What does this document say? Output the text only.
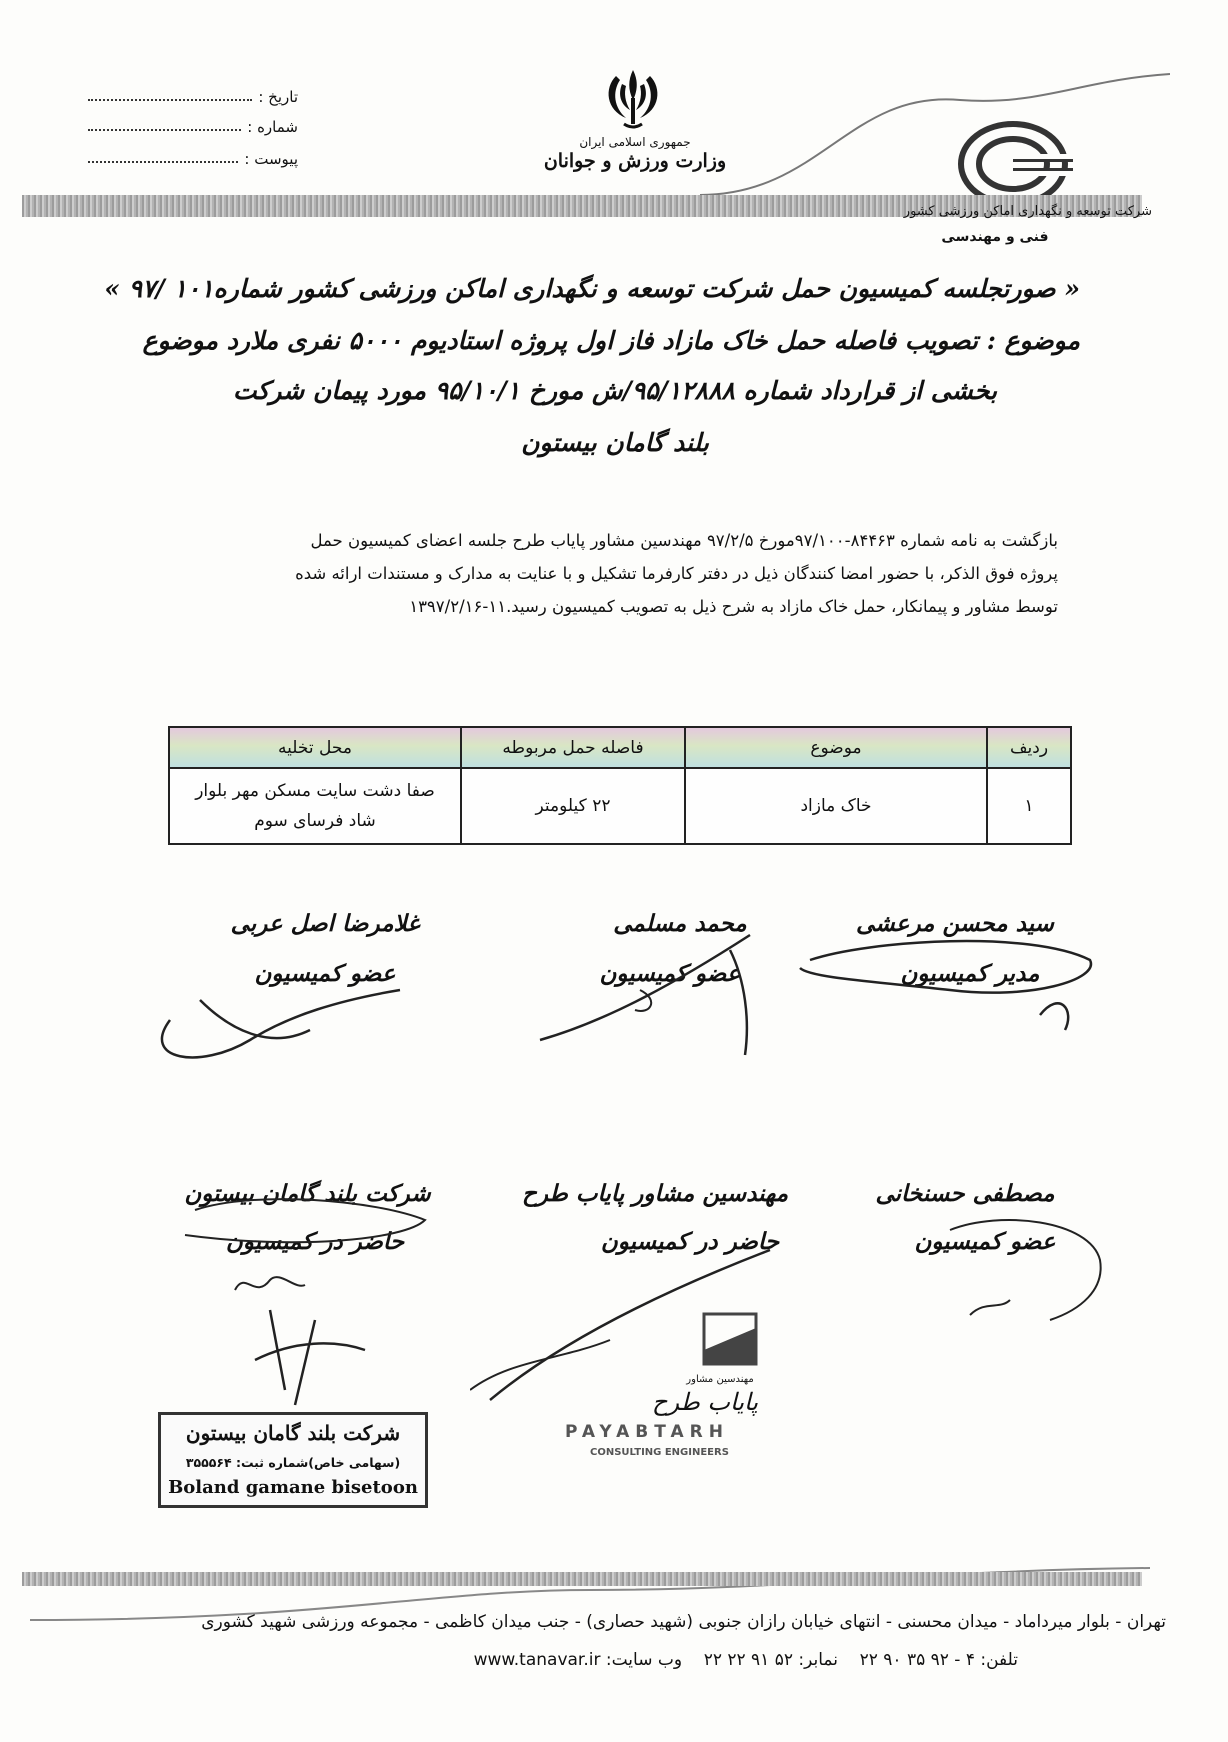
تاریخ :
شماره :
پیوست :
جمهوری اسلامی ایران
وزارت ورزش و جوانان
شرکت توسعه و نگهداری اماکن ورزشی کشور
فنی و مهندسی
« صورتجلسه کمیسیون حمل شرکت توسعه و نگهداری اماکن ورزشی کشور شماره۱۰۱ /۹۷ »
موضوع : تصویب فاصله حمل خاک مازاد فاز اول پروژه استادیوم ۵۰۰۰ نفری ملارد موضوع
بخشی از قرارداد شماره ۹۵/۱۲۸۸۸/ش مورخ ۹۵/۱۰/۱ مورد پیمان شرکت
بلند گامان بیستون
بازگشت به نامه شماره ۸۴۴۶۳-۹۷/۱۰۰مورخ ۹۷/۲/۵ مهندسین مشاور پایاب طرح جلسه اعضای کمیسیون حمل
پروژه فوق الذکر، با حضور امضا کنندگان ذیل در دفتر کارفرما تشکیل و با عنایت به مدارک و مستندات ارائه شده
توسط مشاور و پیمانکار، حمل خاک مازاد به شرح ذیل به تصویب کمیسیون رسید.۱۱-۱۳۹۷/۲/۱۶
ردیف	موضوع	فاصله حمل مربوطه	محل تخلیه
۱	خاک مازاد	۲۲ کیلومتر	صفا دشت سایت مسکن مهر بلوار
شاد فرسای سوم
سید محسن مرعشی
مدیر کمیسیون
محمد مسلمی
عضو کمیسیون
غلامرضا اصل عربی
عضو کمیسیون
مصطفی حسنخانی
عضو کمیسیون
مهندسین مشاور پایاب طرح
حاضر در کمیسیون
شرکت بلند گامان بیستون
حاضر در کمیسیون
مهندسین مشاور
پایاب طرح
PAYABTARH
CONSULTING ENGINEERS
شرکت بلند گامان بیستون
(سهامی خاص)شماره ثبت: ۳۵۵۵۶۴
Boland gamane bisetoon
تهران - بلوار میرداماد - میدان محسنی - انتهای خیابان رازان جنوبی (شهید حصاری) - جنب میدان کاظمی - مجموعه ورزشی شهید کشوری
تلفن: ۴ - ۹۲ ۳۵ ۹۰ ۲۲    نمابر: ۵۲ ۹۱ ۲۲ ۲۲    وب سایت: www.tanavar.ir
